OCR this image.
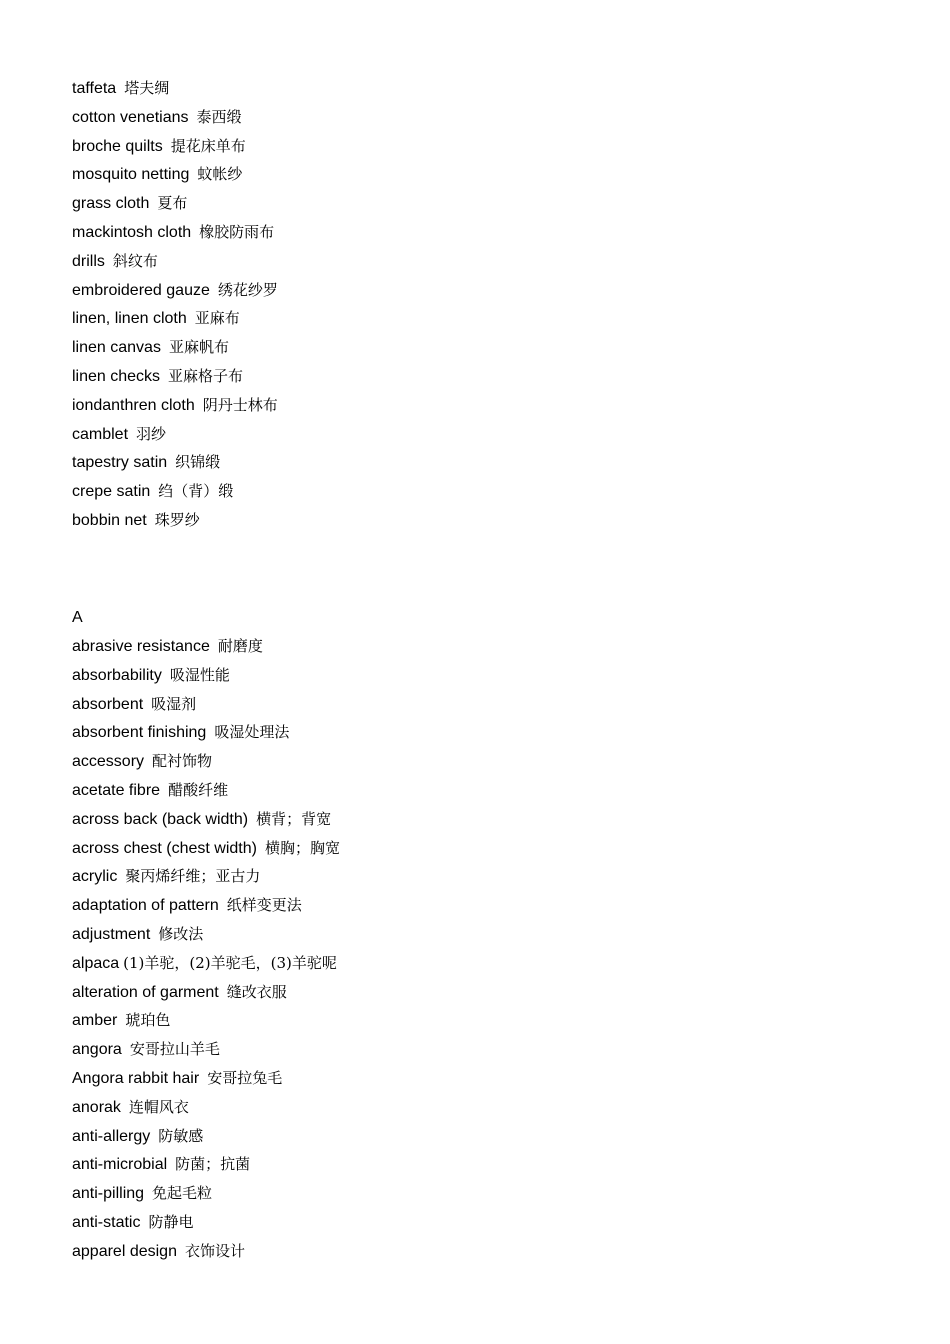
taffeta 塔夫绸
cotton venetians 泰西缎
broche quilts 提花床单布
mosquito netting 蚊帐纱
grass cloth 夏布
mackintosh cloth 橡胶防雨布
drills 斜纹布
embroidered gauze 绣花纱罗
linen, linen cloth 亚麻布
linen canvas 亚麻帆布
linen checks 亚麻格子布
iondanthren cloth 阴丹士林布
camblet 羽纱
tapestry satin 织锦缎
crepe satin 绉（背）缎
bobbin net 珠罗纱
A
abrasive resistance 耐磨度
absorbability 吸湿性能
absorbent 吸湿剂
absorbent finishing 吸湿处理法
accessory 配衬饰物
acetate fibre 醋酸纤维
across back (back width) 横背；背宽
across chest (chest width) 横胸；胸宽
acrylic 聚丙烯纤维；亚古力
adaptation of pattern 纸样变更法
adjustment 修改法
alpaca (1)羊驼，(2)羊驼毛，(3)羊驼呢
alteration of garment 缝改衣服
amber 琥珀色
angora 安哥拉山羊毛
Angora rabbit hair 安哥拉兔毛
anorak 连帽风衣
anti-allergy 防敏感
anti-microbial 防菌；抗菌
anti-pilling 免起毛粒
anti-static 防静电
apparel design 衣饰设计
